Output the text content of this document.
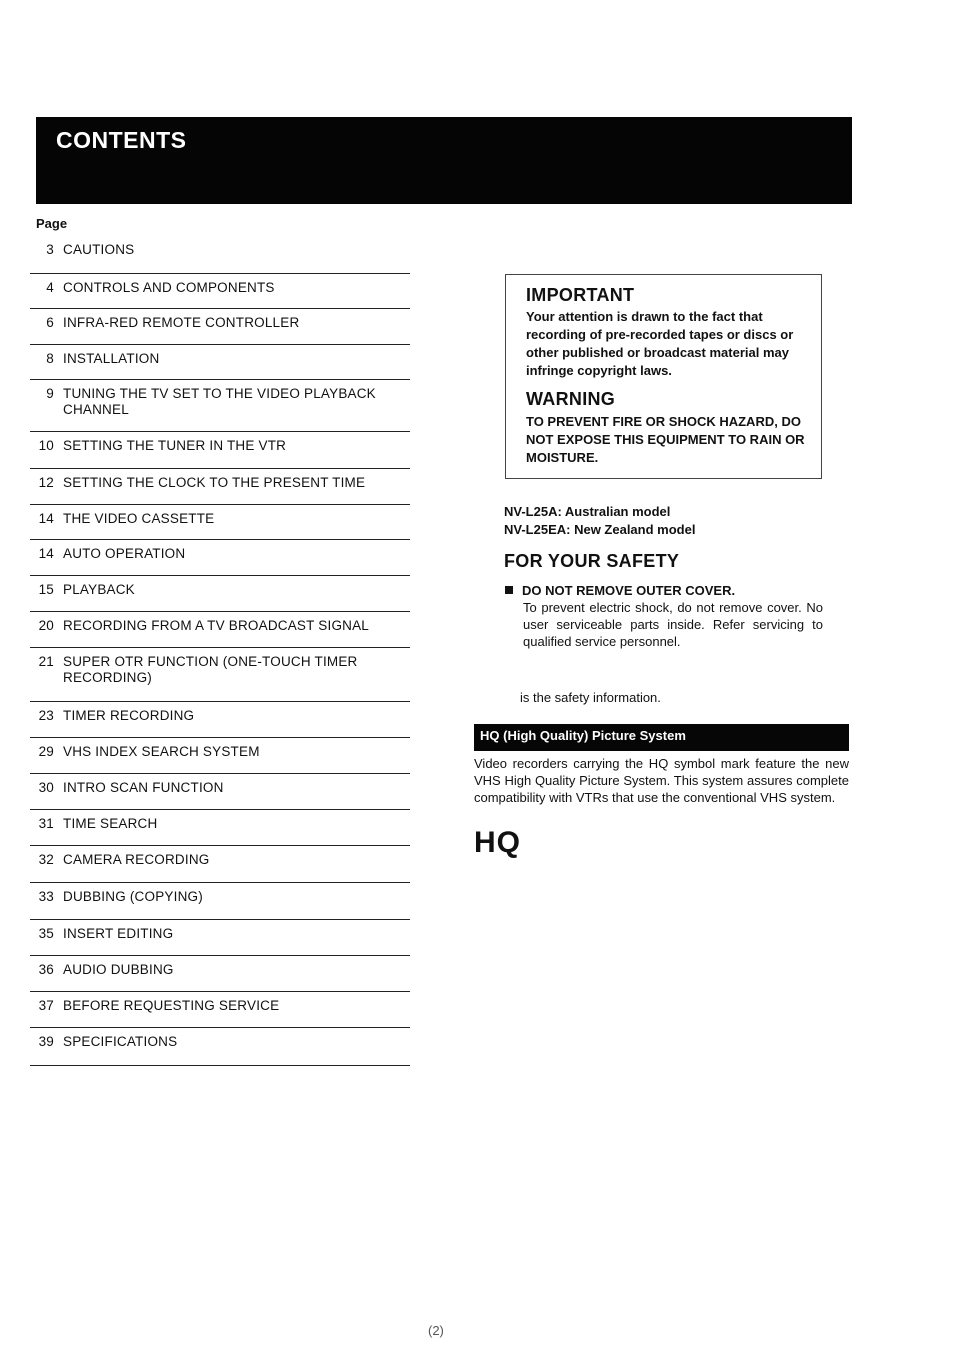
CONTENTS
Page
3 CAUTIONS
4 CONTROLS AND COMPONENTS
6 INFRA-RED REMOTE CONTROLLER
8 INSTALLATION
9 TUNING THE TV SET TO THE VIDEO PLAYBACK CHANNEL
10 SETTING THE TUNER IN THE VTR
12 SETTING THE CLOCK TO THE PRESENT TIME
14 THE VIDEO CASSETTE
14 AUTO OPERATION
15 PLAYBACK
20 RECORDING FROM A TV BROADCAST SIGNAL
21 SUPER OTR FUNCTION (ONE-TOUCH TIMER RECORDING)
23 TIMER RECORDING
29 VHS INDEX SEARCH SYSTEM
30 INTRO SCAN FUNCTION
31 TIME SEARCH
32 CAMERA RECORDING
33 DUBBING (COPYING)
35 INSERT EDITING
36 AUDIO DUBBING
37 BEFORE REQUESTING SERVICE
39 SPECIFICATIONS
IMPORTANT
Your attention is drawn to the fact that recording of pre-recorded tapes or discs or other published or broadcast material may infringe copyright laws.
WARNING
TO PREVENT FIRE OR SHOCK HAZARD, DO NOT EXPOSE THIS EQUIPMENT TO RAIN OR MOISTURE.
NV-L25A: Australian model
NV-L25EA: New Zealand model
FOR YOUR SAFETY
DO NOT REMOVE OUTER COVER.
To prevent electric shock, do not remove cover. No user serviceable parts inside. Refer servicing to qualified service personnel.
is the safety information.
HQ (High Quality) Picture System
Video recorders carrying the HQ symbol mark feature the new VHS High Quality Picture System. This system assures complete compatibility with VTRs that use the conventional VHS system.
HQ
(2)
